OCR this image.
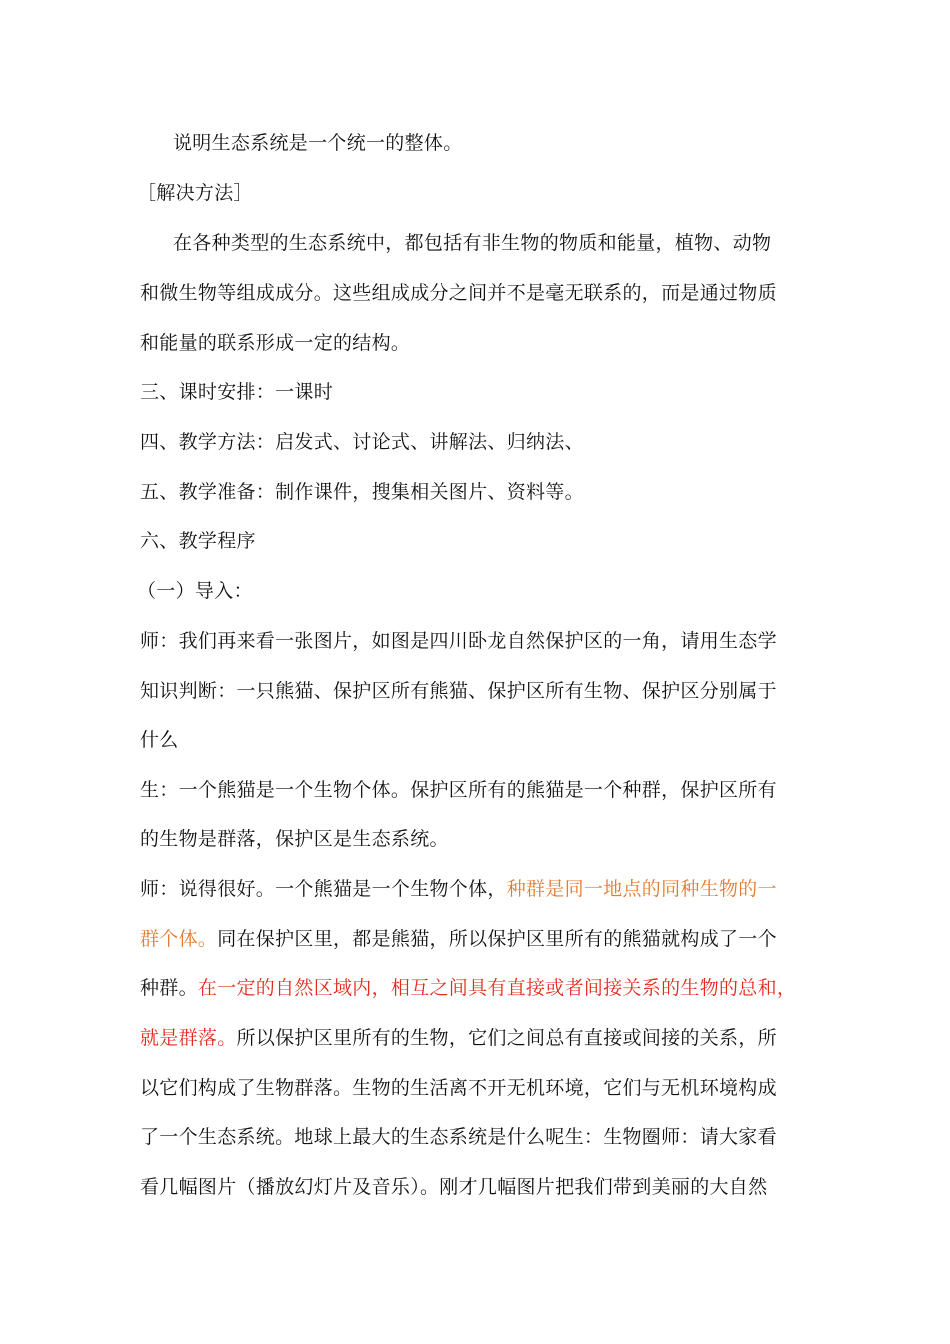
说明生态系统是一个统一的整体。
［解决方法］
在各种类型的生态系统中，都包括有非生物的物质和能量，植物、动物
和微生物等组成成分。这些组成成分之间并不是毫无联系的，而是通过物质
和能量的联系形成一定的结构。
三、课时安排：一课时
四、教学方法：启发式、讨论式、讲解法、归纳法、
五、教学准备：制作课件，搜集相关图片、资料等。
六、教学程序
（一）导入：
师：我们再来看一张图片，如图是四川卧龙自然保护区的一角，请用生态学
知识判断：一只熊猫、保护区所有熊猫、保护区所有生物、保护区分别属于
什么
生：一个熊猫是一个生物个体。保护区所有的熊猫是一个种群，保护区所有
的生物是群落，保护区是生态系统。
师：说得很好。一个熊猫是一个生物个体，种群是同一地点的同种生物的一
群个体。同在保护区里，都是熊猫，所以保护区里所有的熊猫就构成了一个
种群。在一定的自然区域内，相互之间具有直接或者间接关系的生物的总和，
就是群落。所以保护区里所有的生物，它们之间总有直接或间接的关系，所
以它们构成了生物群落。生物的生活离不开无机环境，它们与无机环境构成
了一个生态系统。地球上最大的生态系统是什么呢生：生物圈师：请大家看
看几幅图片（播放幻灯片及音乐）。刚才几幅图片把我们带到美丽的大自然
